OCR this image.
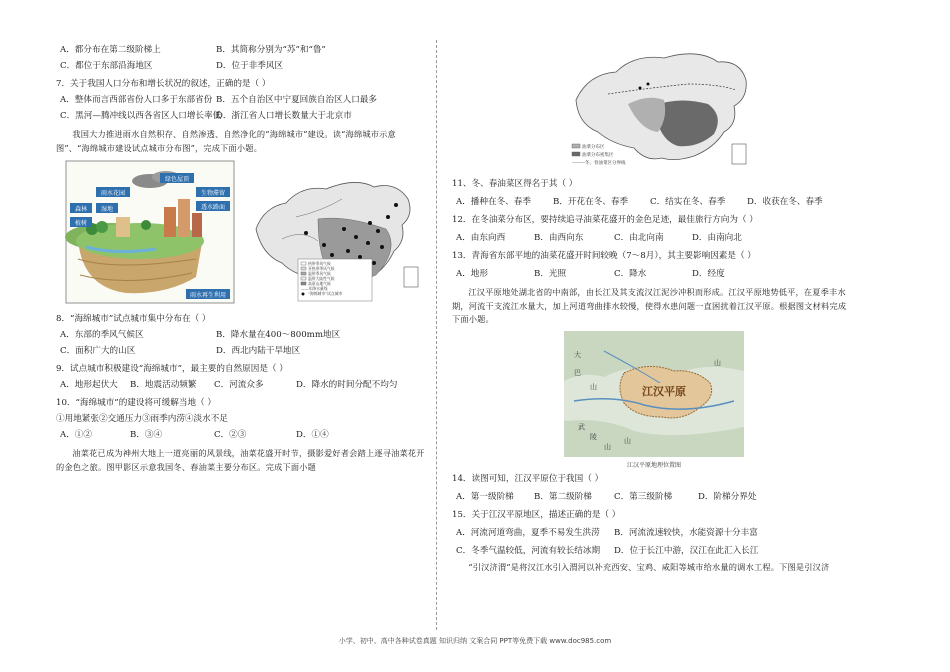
A．都分布在第二级阶梯上	B．其简称分别为“苏”和“鲁”
C．都位于东部沿海地区	D．位于非季风区
7．关于我国人口分布和增长状况的叙述，正确的是（ ）
A．整体而言西部省份人口多于东部省份 B．五个自治区中宁夏回族自治区人口最多
C．黑河—腾冲线以西各省区人口增长率低
D．浙江省人口增长数量大于北京市
我国大力推进雨水自然积存、自然渗透、自然净化的“海绵城市”建设。读“海绵城市示意图”、“海绵城市建设试点城市分布图”，完成下面小题。
绿色屋顶
雨水花园	生物滞留
透水路面
森林 湿地
植树
雨水再生利用
热带季风气候
亚热带季风气候
温带季风气候
温带大陆性气候
高原山地气候
——年降水量线
“海绵城市”试点城市
8．“海绵城市”试点城市集中分布在（ ）
A．东部的季风气候区	B．降水量在400～800mm地区
C．面积广大的山区	D．西北内陆干旱地区
9．试点城市积极建设“海绵城市”，最主要的自然原因是（ ）
A．地形起伏大	B．地震活动频繁	C．河流众多	D．降水的时间分配不均匀
10．“海绵城市”的建设将可缓解当地（ ）
①用地紧张②交通压力③雨季内涝④淡水不足
A．①②	B．③④	C．②③	D．①④
油菜花已成为神州大地上一道亮丽的风景线，油菜花盛开时节，摄影爱好者会踏上逐寻油菜花开的金色之旅。图甲影区示意我国冬、春油菜主要分布区。完成下面小题
油菜分布区
油菜分布密集区
--------冬、春油菜区分界线
11、冬、春油菜区得名于其（ ）
A．播种在冬、春季	B．开花在冬、春季	C．结实在冬、春季	D．收获在冬、春季
12．在冬油菜分布区，要持续追寻油菜花盛开的金色足迹，最佳旅行方向为（ ）
A．由东向西	B．由西向东	C．由北向南	D．由南向北
13．青海省东部平地的油菜花盛开时间较晚（7～8月），其主要影响因素是（ ）
A．地形	B．光照	C．降水	D．经度
江汉平原地处湖北省的中南部，由长江及其支流汉江泥沙冲积而形成。江汉平原地势低平，在夏季丰水期，河流干支流江水量大，加上河道弯曲排水较慢，使得水患问题一直困扰着江汉平原。根据图文材料完成下面小题。
江汉平原
大
巴
山
山
山
武
陵
山
江汉平原地理位置图
14．读图可知，江汉平原位于我国（ ）
A．第一级阶梯	B．第二级阶梯	C．第三级阶梯	D．阶梯分界处
15．关于江汉平原地区，描述正确的是（ ）
A．河流河道弯曲，夏季不易发生洪涝	B．河流流速较快，水能资源十分丰富
C．冬季气温较低，河流有较长结冰期	D．位于长江中游，汉江在此汇入长江
“引汉济渭”是将汉江水引入渭河以补充西安、宝鸡、咸阳等城市给水量的调水工程。下图是引汉济
小学、初中、高中各种试卷真题 知识归纳 文案合同 PPT等免费下载 www.doc985.com
